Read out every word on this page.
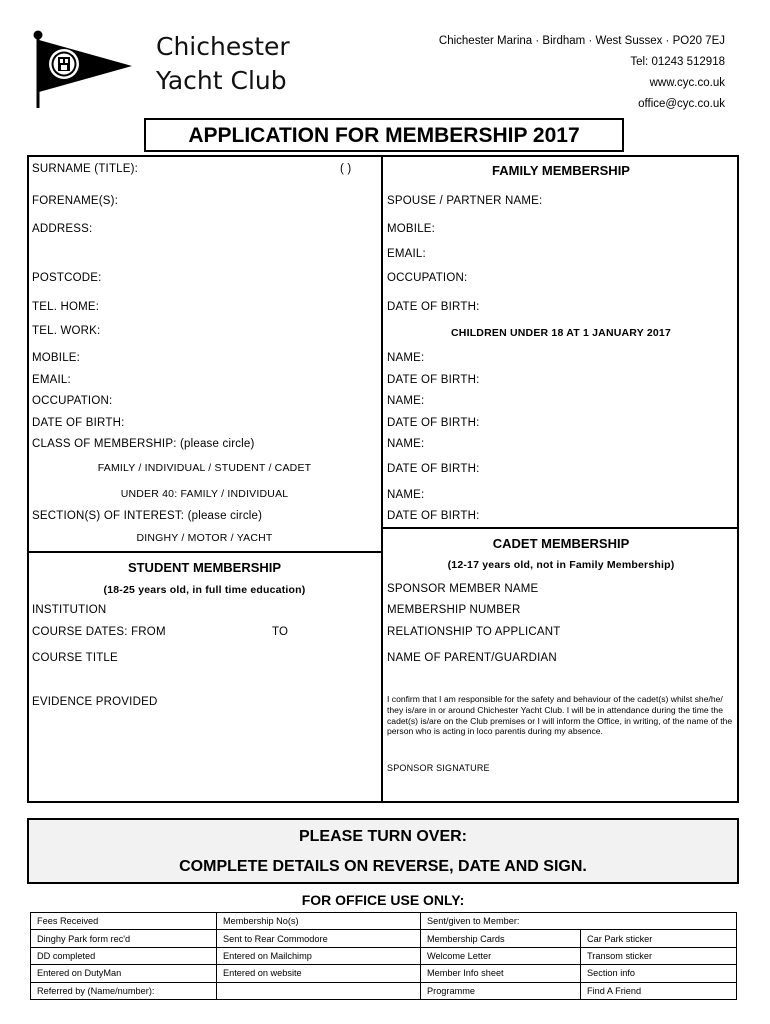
Chichester
Yacht Club
Chichester Marina · Birdham · West Sussex · PO20 7EJ
Tel: 01243 512918
www.cyc.co.uk
office@cyc.co.uk
APPLICATION FOR MEMBERSHIP 2017
SURNAME (TITLE):	( )
FORENAME(S):
ADDRESS:
POSTCODE:
TEL. HOME:
TEL. WORK:
MOBILE:
EMAIL:
OCCUPATION:
DATE OF BIRTH:
CLASS OF MEMBERSHIP: (please circle)
FAMILY / INDIVIDUAL / STUDENT / CADET
UNDER 40: FAMILY / INDIVIDUAL
SECTION(S) OF INTEREST: (please circle)
DINGHY / MOTOR / YACHT
FAMILY MEMBERSHIP
SPOUSE / PARTNER NAME:
MOBILE:
EMAIL:
OCCUPATION:
DATE OF BIRTH:
CHILDREN UNDER 18 AT 1 JANUARY 2017
NAME:
DATE OF BIRTH:
NAME:
DATE OF BIRTH:
NAME:
DATE OF BIRTH:
NAME:
DATE OF BIRTH:
STUDENT MEMBERSHIP
(18-25 years old, in full time education)
INSTITUTION
COURSE DATES: FROM	TO
COURSE TITLE
EVIDENCE PROVIDED
CADET MEMBERSHIP
(12-17 years old, not in Family Membership)
SPONSOR MEMBER NAME
MEMBERSHIP NUMBER
RELATIONSHIP TO APPLICANT
NAME OF PARENT/GUARDIAN
I confirm that I am responsible for the safety and behaviour of the cadet(s) whilst she/he/ they is/are in or around Chichester Yacht Club. I will be in attendance during the time the cadet(s) is/are on the Club premises or I will inform the Office, in writing, of the name of the person who is acting in loco parentis during my absence.
SPONSOR SIGNATURE
PLEASE TURN OVER:
COMPLETE DETAILS ON REVERSE, DATE AND SIGN.
FOR OFFICE USE ONLY:
Fees Received	Membership No(s)	Sent/given to Member:	
Dinghy Park form rec'd	Sent to Rear Commodore	Membership Cards	Car Park sticker
DD completed	Entered on Mailchimp	Welcome Letter	Transom sticker
Entered on DutyMan	Entered on website	Member Info sheet	Section info
Referred by (Name/number):		Programme	Find A Friend
